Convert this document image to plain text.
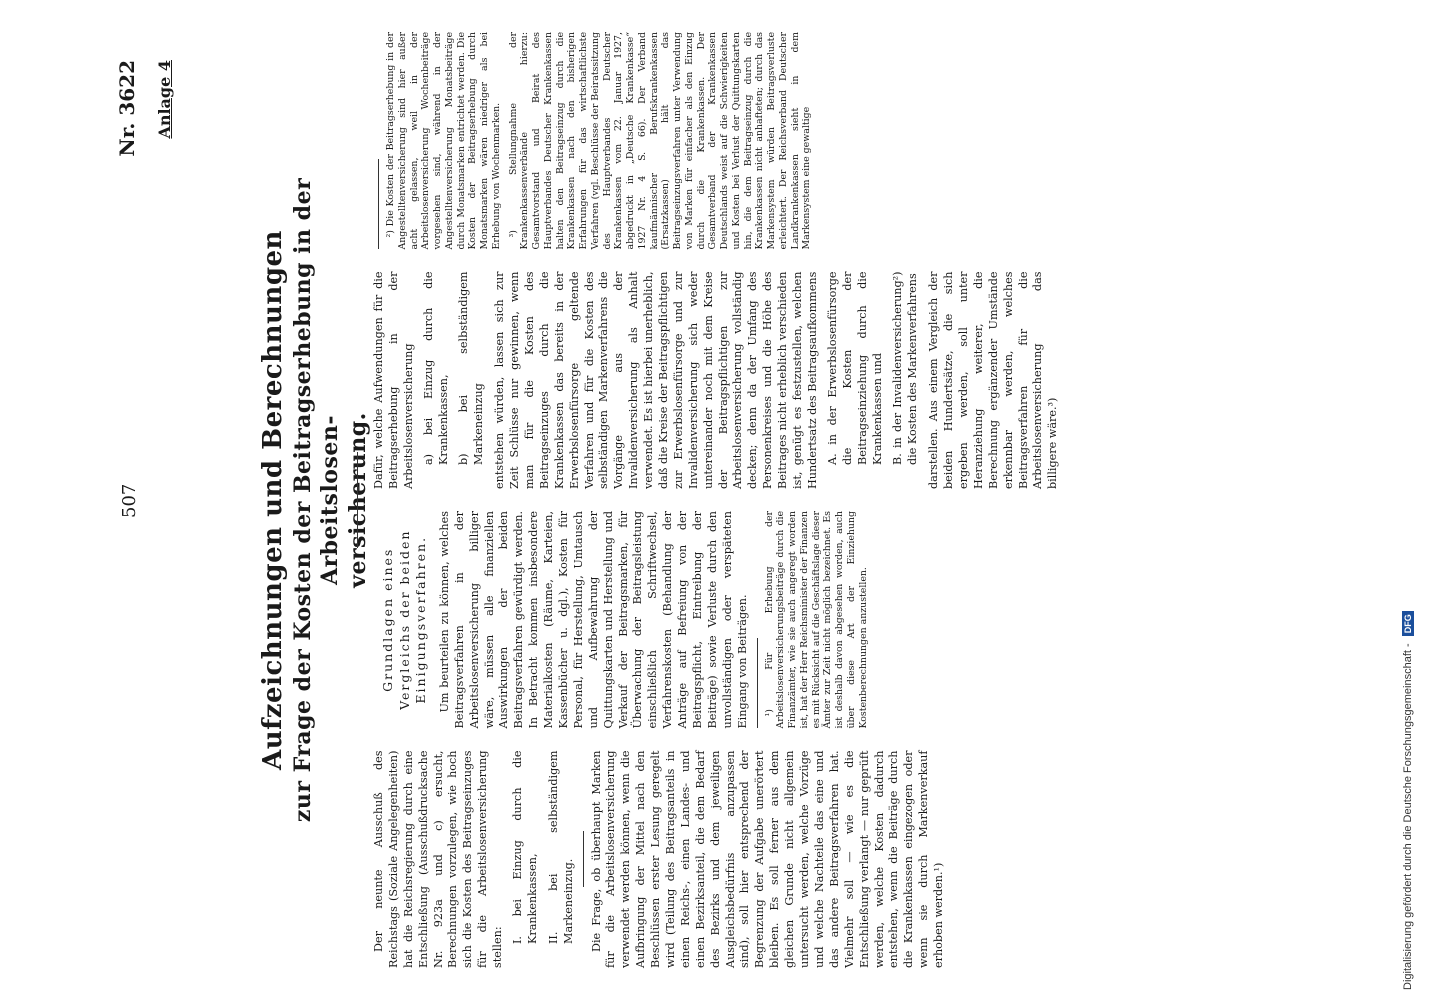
507
Nr. 3622 Anlage 4
Aufzeichnungen und Berechnungen zur Frage der Kosten der Beitragserhebung in der Arbeitslosen- versicherung.

Der neunte Ausschuß des Reichstags (Soziale Angelegenheiten) hat die Reichsregierung durch eine Entschließung (Ausschußdrucksache Nr. 923a und c) ersucht, Berechnungen vorzulegen, wie hoch sich die Kosten des Beitragseinzuges für die Arbeitslosenversicherung stellen:

I. bei Einzug durch die Krankenkassen, II. bei selbständigem Markeneinzug. Die Frage, ob überhaupt Marken für die Arbeitslosenversicherung verwendet werden können, wenn die Aufbringung der Mittel nach den Beschlüssen erster Lesung geregelt wird (Teilung des Beitragsanteils in einen Reichs-, einen Landes- und einen Bezirksanteil, die dem Bedarf des Bezirks und dem jeweiligen Ausgleichsbedürfnis anzupassen sind), soll hier entsprechend der Begrenzung der Aufgabe unerörtert bleiben. Es soll ferner aus dem gleichen Grunde nicht allgemein untersucht werden, welche Vorzüge und welche Nachteile das eine und das andere Beitragsverfahren hat. Vielmehr soll — wie es die Entschließung verlangt — nur geprüft werden, welche Kosten dadurch entstehen, wenn die Beiträge durch die Krankenkassen eingezogen oder wenn sie durch Markenverkauf erhoben werden.¹)

Grundlagen eines Vergleichs der beiden Einigungsverfahren. Um beurteilen zu können, welches Beitragsverfahren in der Arbeitslosenversicherung billiger wäre, müssen alle finanziellen Auswirkungen der beiden Beitragsverfahren gewürdigt werden. In Betracht kommen insbesondere Materialkosten (Räume, Karteien, Kassenbücher u. dgl.), Kosten für Personal, für Herstellung, Umtausch und Aufbewahrung der Quittungskarten und Herstellung und Verkauf der Beitragsmarken, für Überwachung der Beitragsleistung einschließlich Schriftwechsel, Verfahrenskosten (Behandlung der Anträge auf Befreiung von der Beitragspflicht, Eintreibung der Beiträge) sowie Verluste durch den unvollständigen oder verspäteten Eingang von Beiträgen. ¹) Für Erhebung der Arbeitslosenversicherungsbeiträge durch die Finanzämter, wie sie auch angeregt worden ist, hat der Herr Reichsminister der Finanzen es mit Rücksicht auf die Geschäftslage dieser Ämter zur Zeit nicht möglich bezeichnet. Es ist deshalb davon abgesehen worden, auch über diese Art der Einziehung Kostenberechnungen anzustellen.

Dafür, welche Aufwendungen für die Beitragserhebung in der Arbeitslosenversicherung a) bei Einzug durch die Krankenkassen, b) bei selbständigem Markeneinzug entstehen würden, lassen sich zur Zeit Schlüsse nur gewinnen, wenn man für die Kosten des Beitragseinzuges durch die Krankenkassen das bereits in der Erwerbslosenfürsorge geltende Verfahren und für die Kosten des selbständigen Markenverfahrens die Vorgänge aus der Invalidenversicherung als Anhalt verwendet. Es ist hierbei unerheblich, daß die Kreise der Beitragspflichtigen zur Erwerbslosenfürsorge und zur Invalidenversicherung sich weder untereinander noch mit dem Kreise der Beitragspflichtigen zur Arbeitslosenversicherung vollständig decken; denn da der Umfang des Personenkreises und die Höhe des Beitrages nicht erheblich verschieden ist, genügt es festzustellen, welchen Hundertsatz des Beitragsaufkommens A. in der Erwerbslosenfürsorge die Kosten der Beitragseinziehung durch die Krankenkassen und B. in der Invalidenversicherung²) die Kosten des Markenverfahrens darstellen. Aus einem Vergleich der beiden Hundertsätze, die sich ergeben werden, soll unter Heranziehung weiterer, die Berechnung ergänzender Umstände erkennbar werden, welches Beitragsverfahren für die Arbeitslosenversicherung das billigere wäre.³)

²) Die Kosten der Beitragserhebung in der Angestelltenversicherung sind hier außer acht gelassen, weil in der Arbeitslosenversicherung Wochenbeiträge vorgesehen sind, während in der Angestelltenversicherung Monatsbeiträge durch Monatsmarken entrichtet werden. Die Kosten der Beitragserhebung durch Monatsmarken wären niedriger als bei Erhebung von Wochenmarken. ³) Stellungnahme der Krankenkassenverbände hierzu: Gesamtvorstand und Beirat des Hauptverbandes Deutscher Krankenkassen halten den Beitragseinzug durch die Krankenkassen nach den bisherigen Erfahrungen für das wirtschaftlichste Verfahren (vgl. Beschlüsse der Beiratssitzung des Hauptverbandes Deutscher Krankenkassen vom 22. Januar 1927, abgedruckt in „Deutsche Krankenkasse“ 1927 Nr. 4 S. 66). Der Verband kaufmännischer Berufskrankenkassen (Ersatzkassen) hält das Beitragseinzugsverfahren unter Verwendung von Marken für einfacher als den Einzug durch die Krankenkassen. Der Gesamtverband der Krankenkassen Deutschlands weist auf die Schwierigkeiten und Kosten bei Verlust der Quittungskarten hin, die dem Beitragseinzug durch die Krankenkassen nicht anhafteten; durch das Markensystem würden Beitragsverluste erleichtert. Der Reichsverband Deutscher Landkrankenkassen sieht in dem Markensystem eine gewaltige

Digitalisierung gefördert durch die Deutsche Forschungsgemeinschaft - DFG
